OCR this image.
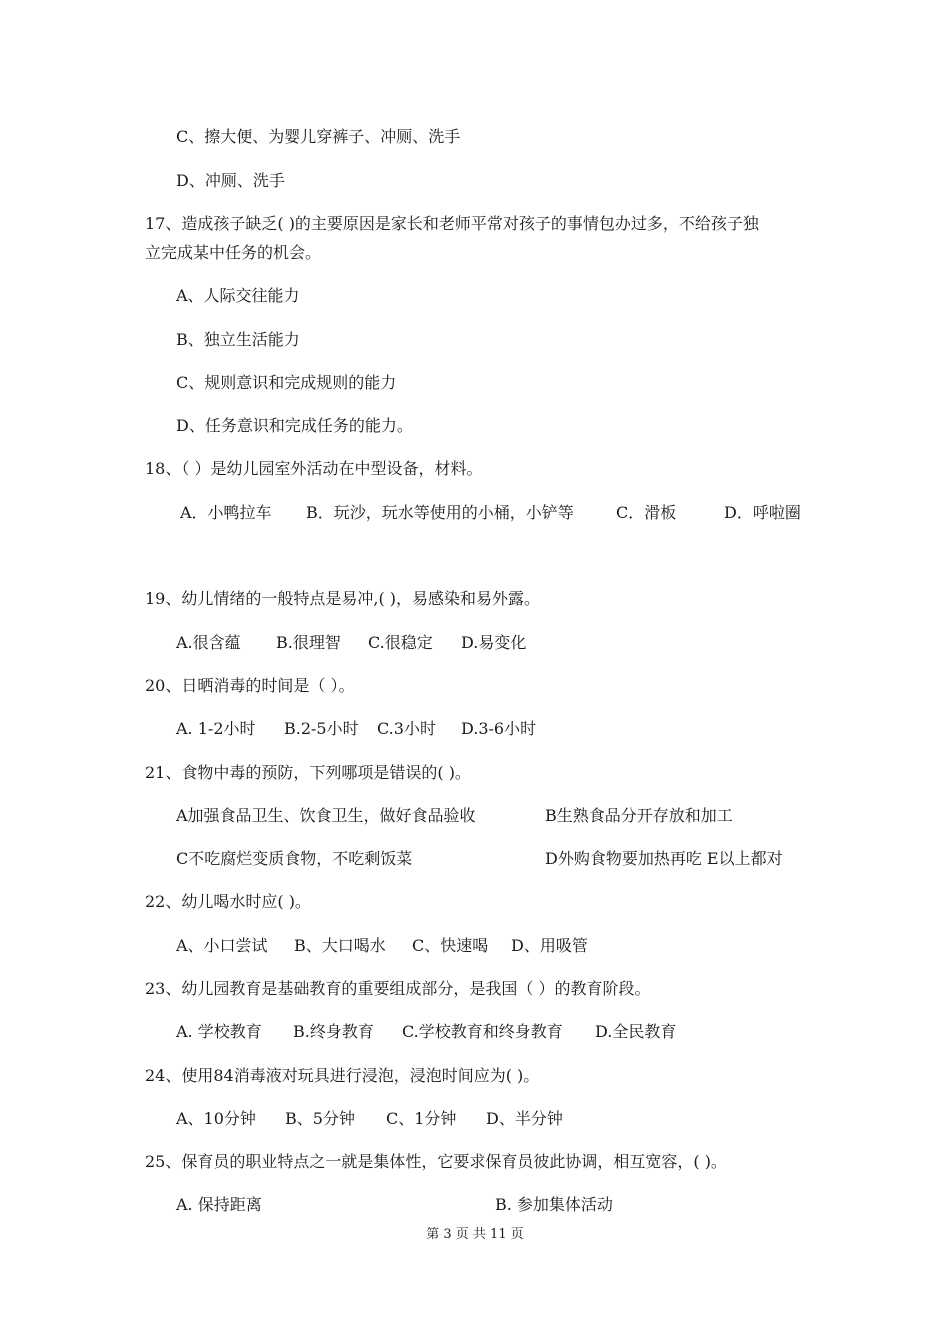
C、擦大便、为婴儿穿裤子、冲厕、洗手
D、冲厕、洗手
17、造成孩子缺乏( )的主要原因是家长和老师平常对孩子的事情包办过多，不给孩子独
立完成某中任务的机会。
A、人际交往能力
B、独立生活能力
C、规则意识和完成规则的能力
D、任务意识和完成任务的能力。
18、（ ）是幼儿园室外活动在中型设备，材料。
A．小鸭拉车 B．玩沙，玩水等使用的小桶，小铲等	C．滑板	D．呼啦圈
19、幼儿情绪的一般特点是易冲,( )，易感染和易外露。
A.很含蕴 B.很理智 C.很稳定 D.易变化
20、日晒消毒的时间是（ ）。
A. 1-2小时 B.2-5小时 C.3小时 D.3-6小时
21、食物中毒的预防，下列哪项是错误的( )。
A加强食品卫生、饮食卫生，做好食品验收	B生熟食品分开存放和加工
C不吃腐烂变质食物，不吃剩饭菜	D外购食物要加热再吃 E以上都对
22、幼儿喝水时应( )。
A、小口尝试 B、大口喝水 C、快速喝 D、用吸管
23、幼儿园教育是基础教育的重要组成部分，是我国（ ）的教育阶段。
A. 学校教育 B.终身教育 C.学校教育和终身教育 D.全民教育
24、使用84消毒液对玩具进行浸泡，浸泡时间应为( )。
A、10分钟 B、5分钟 C、1分钟 D、半分钟
25、保育员的职业特点之一就是集体性，它要求保育员彼此协调，相互宽容，( )。
A. 保持距离	B. 参加集体活动
第 3 页 共 11 页
